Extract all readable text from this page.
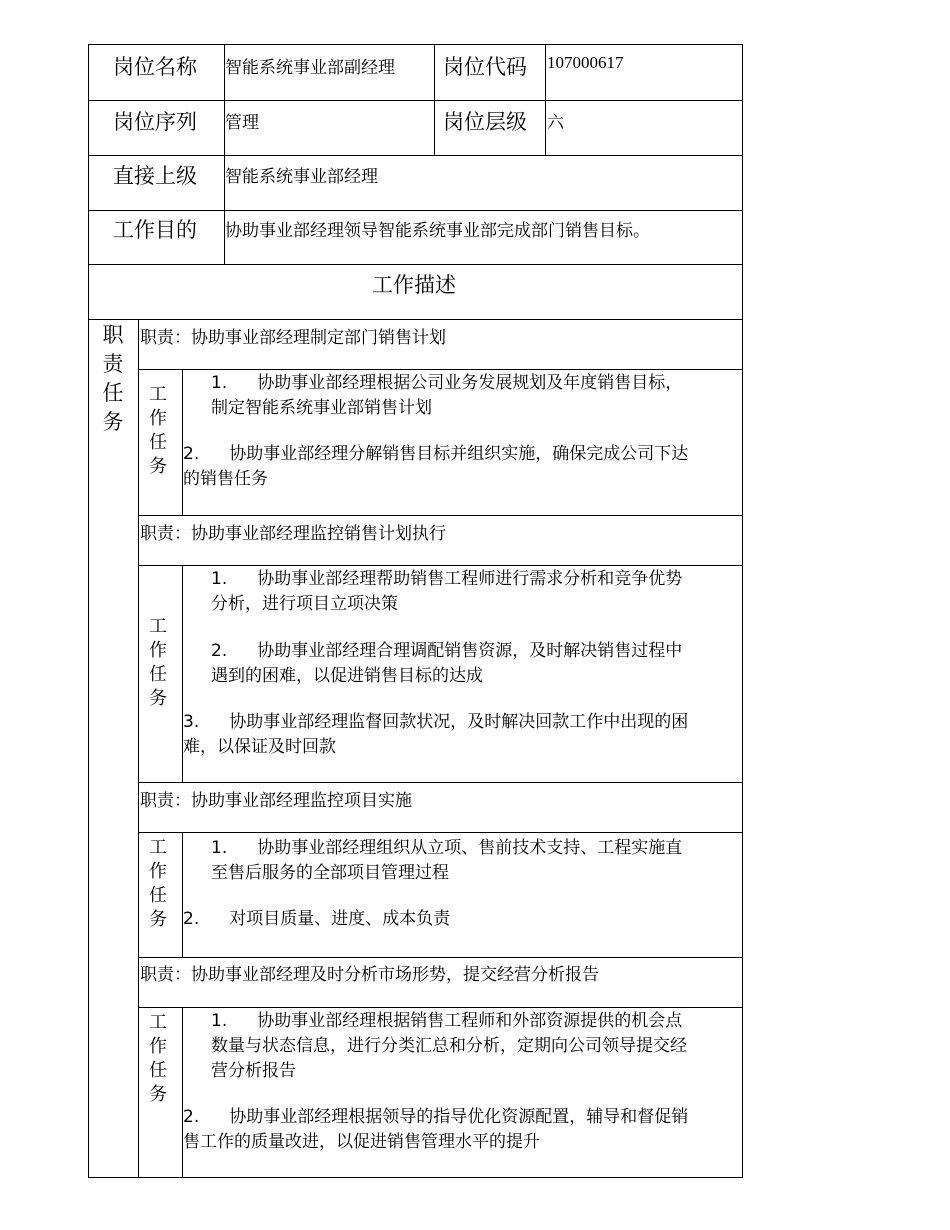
岗位名称 智能系统事业部副经理 岗位代码 107000617
岗位序列 管理	岗位层级 六
直接上级 智能系统事业部经理
工作目的 协助事业部经理领导智能系统事业部完成部门销售目标。
工作描述
职
责
任
务
职责：协助事业部经理制定部门销售计划
工
作
任
务
1. 协助事业部经理根据公司业务发展规划及年度销售目标，
制定智能系统事业部销售计划
2. 协助事业部经理分解销售目标并组织实施，确保完成公司下达
的销售任务
职责：协助事业部经理监控销售计划执行
工
作
任
务
1. 协助事业部经理帮助销售工程师进行需求分析和竞争优势
分析，进行项目立项决策
2. 协助事业部经理合理调配销售资源，及时解决销售过程中
遇到的困难，以促进销售目标的达成
3. 协助事业部经理监督回款状况，及时解决回款工作中出现的困
难，以保证及时回款
职责：协助事业部经理监控项目实施
工
作
任
务
1. 协助事业部经理组织从立项、售前技术支持、工程实施直
至售后服务的全部项目管理过程
2. 对项目质量、进度、成本负责
职责：协助事业部经理及时分析市场形势，提交经营分析报告
工
作
任
务
1. 协助事业部经理根据销售工程师和外部资源提供的机会点
数量与状态信息，进行分类汇总和分析，定期向公司领导提交经
营分析报告
2. 协助事业部经理根据领导的指导优化资源配置，辅导和督促销
售工作的质量改进，以促进销售管理水平的提升
